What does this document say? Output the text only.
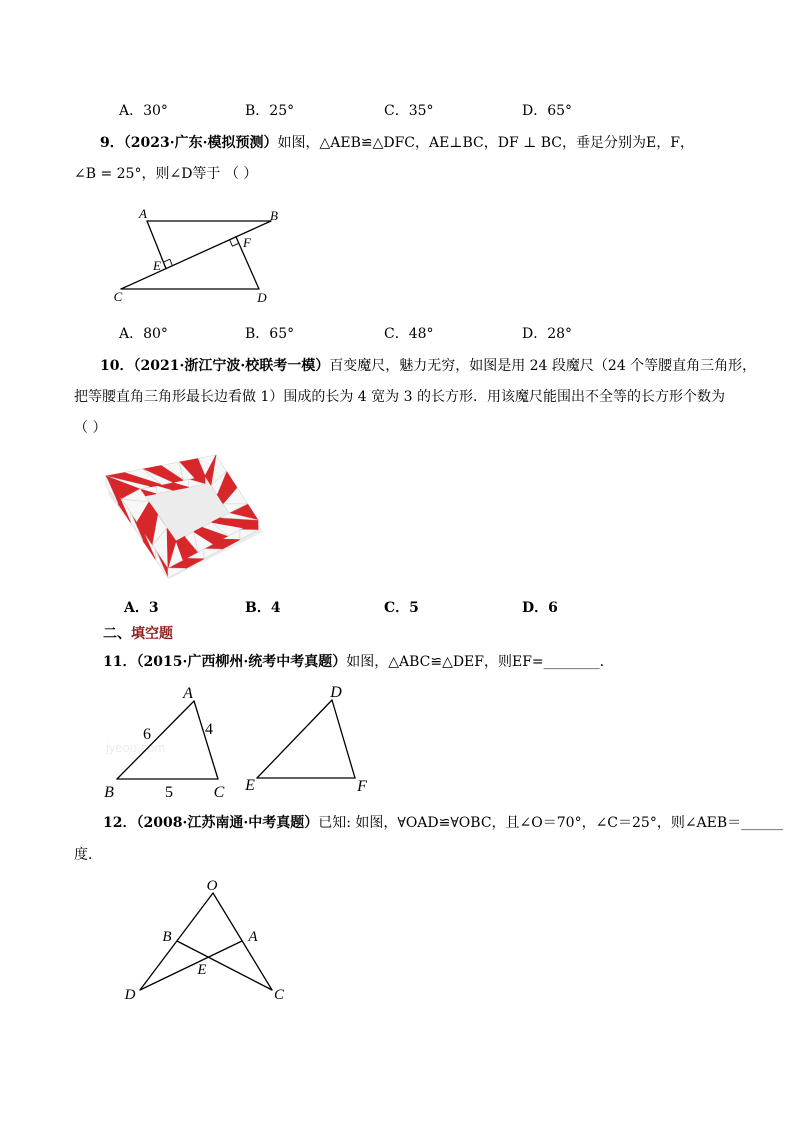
A．30°	B．25°	C．35°	D．65°
9．（2023·广东·模拟预测）如图，△AEB≌△DFC，AE⊥BC，DF ⊥ BC，垂足分别为E，F，
∠B = 25°，则∠D等于 （ ）
A．80°	B．65°	C．48°	D．28°
10．（2021·浙江宁波·校联考一模）百变魔尺，魅力无穷，如图是用 24 段魔尺（24 个等腰直角三角形，
把等腰直角三角形最长边看做 1）围成的长为 4 宽为 3 的长方形．用该魔尺能围出不全等的长方形个数为
（ ）
A．3	B．4	C．5	D．6
二、填空题
11．（2015·广西柳州·统考中考真题）如图，△ABC≌△DEF，则EF=________．
12．（2008·江苏南通·中考真题）已知: 如图，∀OAD≌∀OBC，且∠O＝70°，∠C＝25°，则∠AEB＝______
度．
A	B
E
F
C	D
jyeoo.com
A
6	4
B	5	C
D
E	F
O
B	A
E
D	C
